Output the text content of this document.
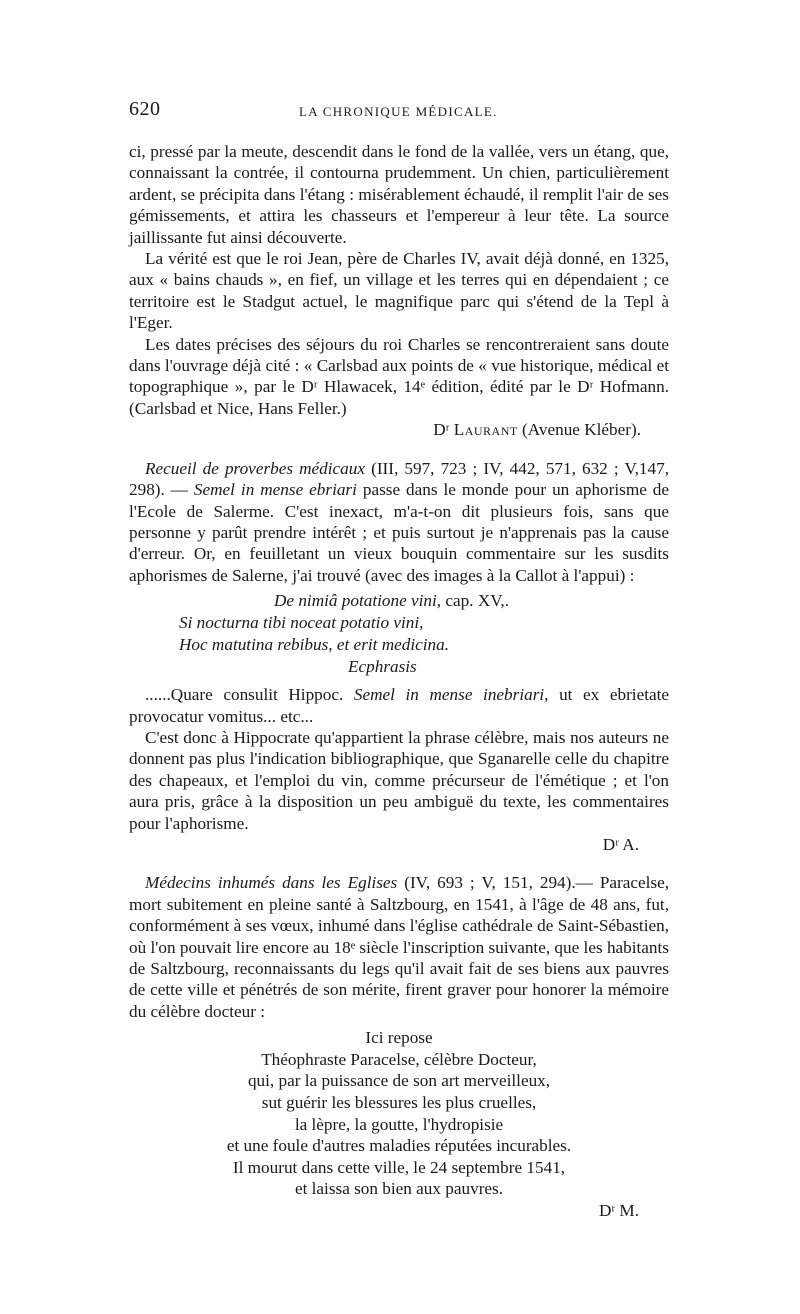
620	LA CHRONIQUE MÉDICALE.

ci, pressé par la meute, descendit dans le fond de la vallée, vers un étang, que, connaissant la contrée, il contourna prudemment. Un chien, particulièrement ardent, se précipita dans l'étang : misérablement échaudé, il remplit l'air de ses gémissements, et attira les chasseurs et l'empereur à leur tête. La source jaillissante fut ainsi découverte.

La vérité est que le roi Jean, père de Charles IV, avait déjà donné, en 1325, aux « bains chauds », en fief, un village et les terres qui en dépendaient ; ce territoire est le Stadgut actuel, le magnifique parc qui s'étend de la Tepl à l'Eger.

Les dates précises des séjours du roi Charles se rencontreraient sans doute dans l'ouvrage déjà cité : « Carlsbad aux points de « vue historique, médical et topographique », par le Dʳ Hlawacek, 14ᵉ édition, édité par le Dʳ Hofmann. (Carlsbad et Nice, Hans Feller.)

Dʳ Laurant (Avenue Kléber).

Recueil de proverbes médicaux (III, 597, 723 ; IV, 442, 571, 632 ; V,147, 298). — Semel in mense ebriari passe dans le monde pour un aphorisme de l'Ecole de Salerme. C'est inexact, m'a-t-on dit plusieurs fois, sans que personne y parût prendre intérêt ; et puis surtout je n'apprenais pas la cause d'erreur. Or, en feuilletant un vieux bouquin commentaire sur les susdits aphorismes de Salerne, j'ai trouvé (avec des images à la Callot à l'appui) :

De nimiâ potatione vini, cap. XV,.
Si nocturna tibi noceat potatio vini,
Hoc matutina rebibus, et erit medicina.
Ecphrasis

......Quare consulit Hippoc. Semel in mense inebriari, ut ex ebrietate provocatur vomitus... etc...

C'est donc à Hippocrate qu'appartient la phrase célèbre, mais nos auteurs ne donnent pas plus l'indication bibliographique, que Sganarelle celle du chapitre des chapeaux, et l'emploi du vin, comme précurseur de l'émétique ; et l'on aura pris, grâce à la disposition un peu ambiguë du texte, les commentaires pour l'aphorisme.

Dʳ A.

Médecins inhumés dans les Eglises (IV, 693 ; V, 151, 294).— Paracelse, mort subitement en pleine santé à Saltzbourg, en 1541, à l'âge de 48 ans, fut, conformément à ses vœux, inhumé dans l'église cathédrale de Saint-Sébastien, où l'on pouvait lire encore au 18ᵉ siècle l'inscription suivante, que les habitants de Saltzbourg, reconnaissants du legs qu'il avait fait de ses biens aux pauvres de cette ville et pénétrés de son mérite, firent graver pour honorer la mémoire du célèbre docteur :

Ici repose
Théophraste Paracelse, célèbre Docteur,
qui, par la puissance de son art merveilleux,
sut guérir les blessures les plus cruelles,
la lèpre, la goutte, l'hydropisie
et une foule d'autres maladies réputées incurables.
Il mourut dans cette ville, le 24 septembre 1541,
et laissa son bien aux pauvres.

Dʳ M.
